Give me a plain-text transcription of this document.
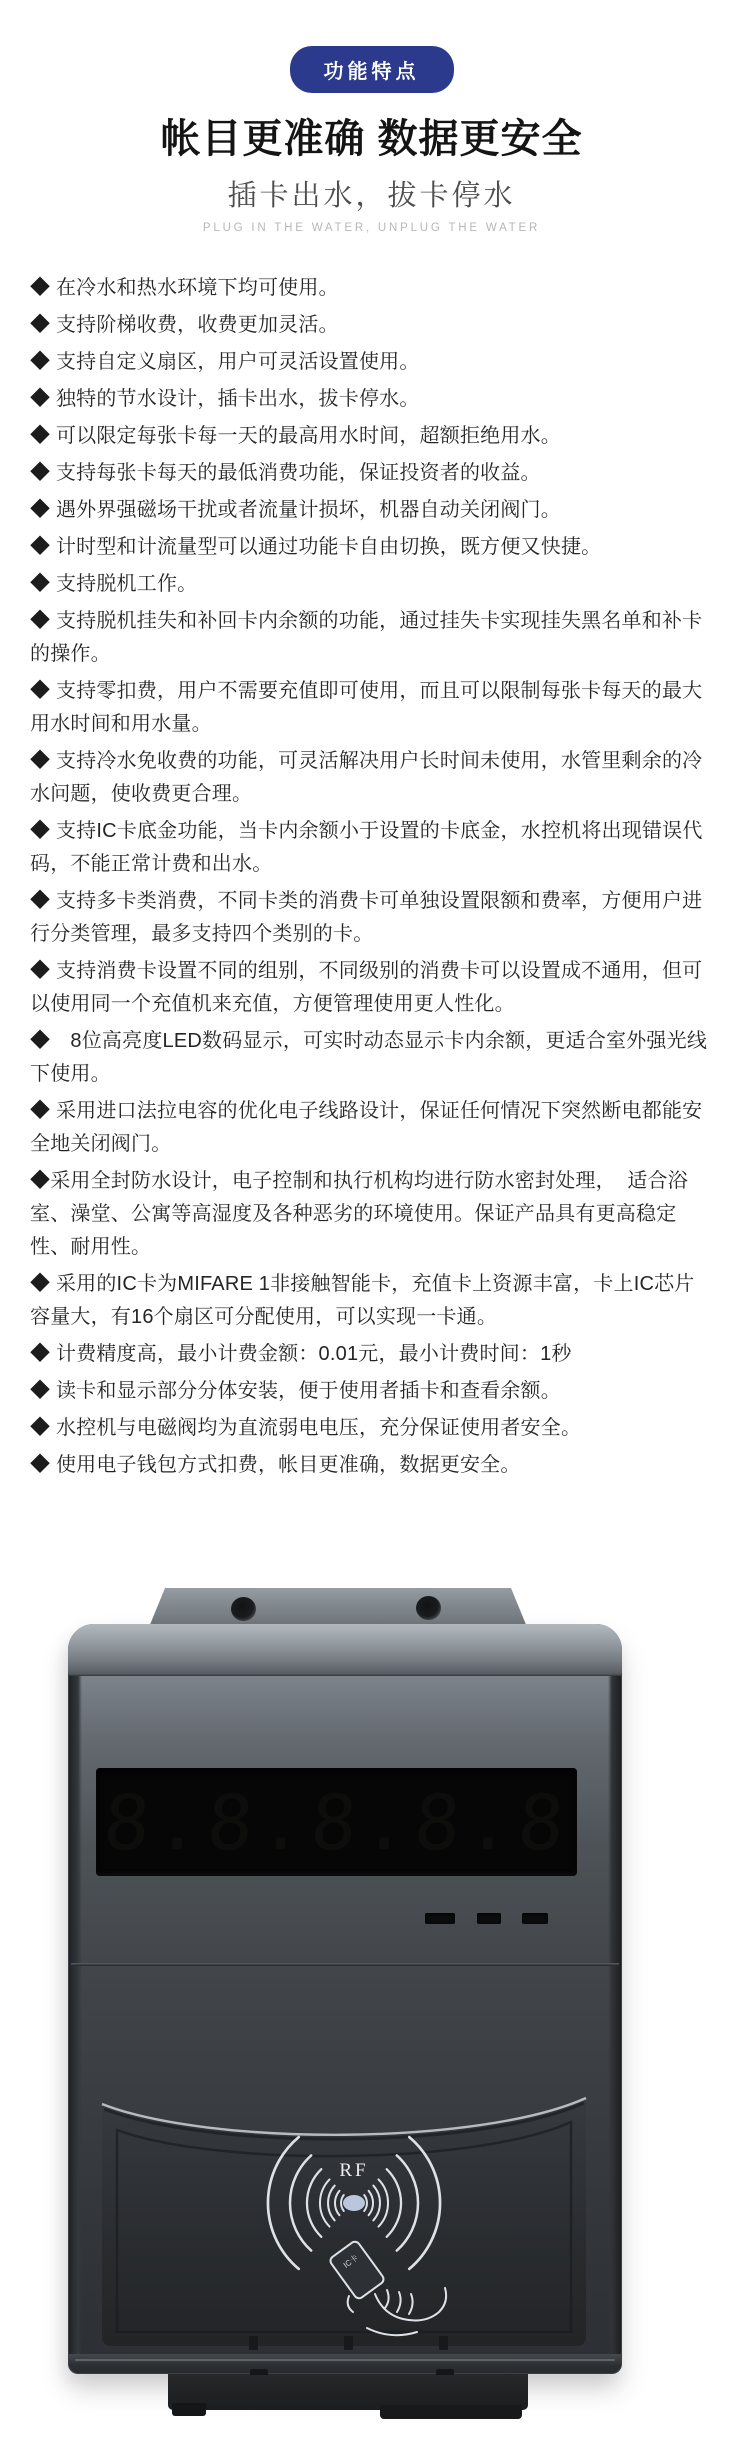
功能特点
帐目更准确 数据更安全
插卡出水，拔卡停水
PLUG IN THE WATER, UNPLUG THE WATER
◆ 在冷水和热水环境下均可使用。
◆ 支持阶梯收费，收费更加灵活。
◆ 支持自定义扇区，用户可灵活设置使用。
◆ 独特的节水设计，插卡出水，拔卡停水。
◆ 可以限定每张卡每一天的最高用水时间，超额拒绝用水。
◆ 支持每张卡每天的最低消费功能，保证投资者的收益。
◆ 遇外界强磁场干扰或者流量计损坏，机器自动关闭阀门。
◆ 计时型和计流量型可以通过功能卡自由切换，既方便又快捷。
◆ 支持脱机工作。
◆ 支持脱机挂失和补回卡内余额的功能，通过挂失卡实现挂失黑名单和补卡的操作。
◆ 支持零扣费，用户不需要充值即可使用，而且可以限制每张卡每天的最大用水时间和用水量。
◆ 支持冷水免收费的功能，可灵活解决用户长时间未使用，水管里剩余的冷水问题，使收费更合理。
◆ 支持IC卡底金功能，当卡内余额小于设置的卡底金，水控机将出现错误代码，不能正常计费和出水。
◆ 支持多卡类消费，不同卡类的消费卡可单独设置限额和费率，方便用户进行分类管理，最多支持四个类别的卡。
◆ 支持消费卡设置不同的组别，不同级别的消费卡可以设置成不通用，但可以使用同一个充值机来充值，方便管理使用更人性化。
◆　8位高亮度LED数码显示，可实时动态显示卡内余额，更适合室外强光线下使用。
◆ 采用进口法拉电容的优化电子线路设计，保证任何情况下突然断电都能安全地关闭阀门。
◆采用全封防水设计，电子控制和执行机构均进行防水密封处理，  适合浴室、澡堂、公寓等高湿度及各种恶劣的环境使用。保证产品具有更高稳定性、耐用性。
◆ 采用的IC卡为MIFARE 1非接触智能卡，充值卡上资源丰富，卡上IC芯片容量大，有16个扇区可分配使用，可以实现一卡通。
◆ 计费精度高，最小计费金额：0.01元，最小计费时间：1秒
◆ 读卡和显示部分分体安装，便于使用者插卡和查看余额。
◆ 水控机与电磁阀均为直流弱电电压，充分保证使用者安全。
◆ 使用电子钱包方式扣费，帐目更准确，数据更安全。
8.8.8.8.8
RF
IC卡
